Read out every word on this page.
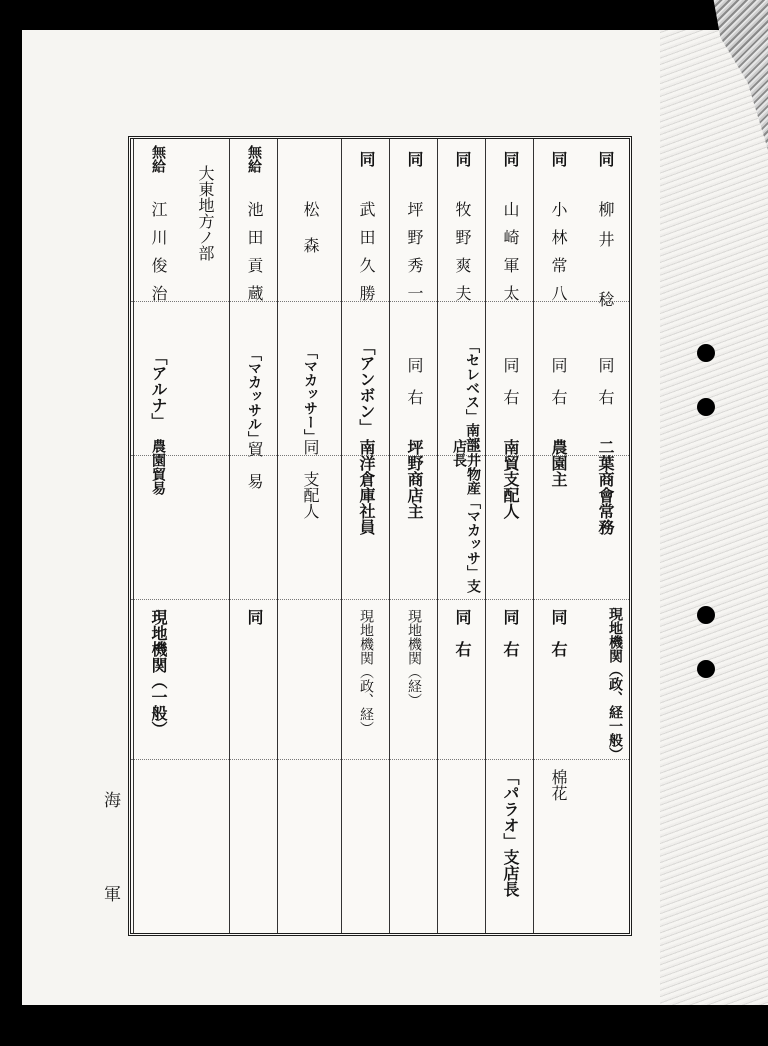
海
軍
同
柳井　稔
同　右
二葉商會常務
現地機関（政、経一般）
同
小林常八
同　右
農園主
同　右
棉花
同
山崎軍太
同　右
南貿支配人
同　右
「パラオ」支店長
同
牧野爽夫
「セレベス」南部
三井物産「マカッサ」支店長
同　右
同
坪野秀一
同　右
坪野商店主
現地機関（経）
同
武田久勝
「アンボン」
南洋倉庫社員
現地機関（政、経）
松森
「マカッサー」
同　支配人
無給
池田貢蔵
「マカッサル」
貿　易
同
大東地方ノ部
無給
江川俊治
「アルナ」
農園貿易
現地機関（一般）
